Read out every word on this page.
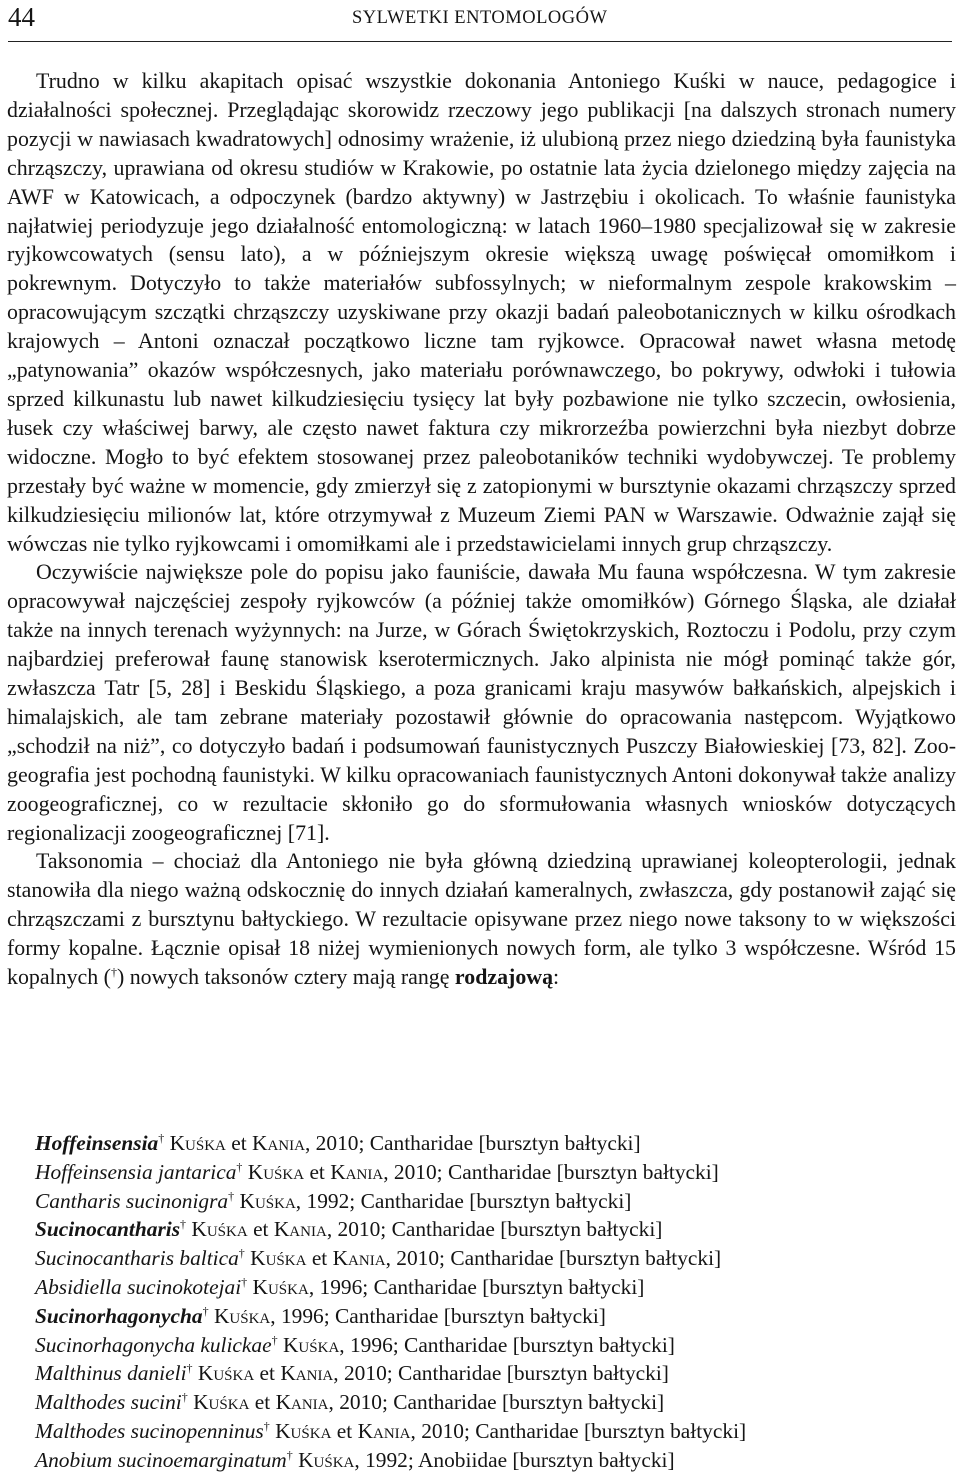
44	SYLWETKI ENTOMOLOGÓW

Trudno w kilku akapitach opisać wszystkie dokonania Antoniego Kuśki w nauce, pedagogice i działalności społecznej. Przeglądając skorowidz rzeczowy jego publikacji [na dalszych stronach numery pozycji w nawiasach kwadratowych] odnosimy wrażenie, iż ulubioną przez niego dziedziną była faunistyka chrząszczy, uprawiana od okresu studiów w Krakowie, po ostatnie lata życia dzielonego między zajęcia na AWF w Katowicach, a odpoczynek (bardzo aktywny) w Jastrzębiu i okolicach. To właśnie faunistyka najłatwiej periodyzuje jego działalność entomologiczną: w latach 1960–1980 specjalizował się w zakresie ryjkowcowatych (sensu lato), a w późniejszym okresie większą uwagę poświęcał omomiłkom i pokrewnym. Dotyczyło to także materiałów subfossylnych; w nieformalnym zespole krakowskim – opracowującym szczątki chrząszczy uzyskiwane przy okazji badań paleobotanicznych w kilku ośrodkach krajowych – Antoni oznaczał początkowo liczne tam ryjkowce. Opracował nawet własna metodę „patynowania” okazów współczesnych, jako materiału porównawczego, bo pokrywy, odwłoki i tułowia sprzed kilkunastu lub nawet kilkudziesięciu tysięcy lat były pozbawione nie tylko szczecin, owłosienia, łusek czy właściwej barwy, ale często nawet faktura czy mikrorzeźba powierzchni była niezbyt dobrze widoczne. Mogło to być efektem stosowanej przez paleobotaników techniki wydobywczej. Te problemy przestały być ważne w momencie, gdy zmierzył się z zatopionymi w bursztynie okazami chrząszczy sprzed kilkudziesięciu milionów lat, które otrzymywał z Muzeum Ziemi PAN w Warszawie. Odważnie zajął się wówczas nie tylko ryjkowcami i omomiłkami ale i przedstawicielami innych grup chrząszczy.

Oczywiście największe pole do popisu jako fauniście, dawała Mu fauna współczesna. W tym zakresie opracowywał najczęściej zespoły ryjkowców (a później także omomiłków) Górnego Śląska, ale działał także na innych terenach wyżynnych: na Jurze, w Górach Świętokrzyskich, Roztoczu i Podolu, przy czym najbardziej preferował faunę stanowisk kserotermicznych. Jako alpinista nie mógł pominąć także gór, zwłaszcza Tatr [5, 28] i Beskidu Śląskiego, a poza granicami kraju masywów bałkańskich, alpejskich i himalajskich, ale tam zebrane materiały pozostawił głównie do opracowania następcom. Wyjątkowo „schodził na niż”, co dotyczyło badań i podsumowań faunistycznych Puszczy Białowieskiej [73, 82]. Zoogeografia jest pochodną faunistyki. W kilku opracowaniach faunistycznych Antoni dokonywał także analizy zoogeograficznej, co w rezultacie skłoniło go do sformułowania własnych wniosków dotyczących regionalizacji zoogeograficznej [71].

Taksonomia – chociaż dla Antoniego nie była główną dziedziną uprawianej koleopterologii, jednak stanowiła dla niego ważną odskocznię do innych działań kameralnych, zwłaszcza, gdy postanowił zająć się chrząszczami z bursztynu bałtyckiego. W rezultacie opisywane przez niego nowe taksony to w większości formy kopalne. Łącznie opisał 18 niżej wymienionych nowych form, ale tylko 3 współczesne. Wśród 15 kopalnych (†) nowych taksonów cztery mają rangę rodzajową:

Hoffeinsensia† Kuśka et Kania, 2010; Cantharidae [bursztyn bałtycki]
Hoffeinsensia jantarica† Kuśka et Kania, 2010; Cantharidae [bursztyn bałtycki]
Cantharis sucinonigra† Kuśka, 1992; Cantharidae [bursztyn bałtycki]
Sucinocantharis† Kuśka et Kania, 2010; Cantharidae [bursztyn bałtycki]
Sucinocantharis baltica† Kuśka et Kania, 2010; Cantharidae [bursztyn bałtycki]
Absidiella sucinokotejai† Kuśka, 1996; Cantharidae [bursztyn bałtycki]
Sucinorhagonycha† Kuśka, 1996; Cantharidae [bursztyn bałtycki]
Sucinorhagonycha kulickae† Kuśka, 1996; Cantharidae [bursztyn bałtycki]
Malthinus danieli† Kuśka et Kania, 2010; Cantharidae [bursztyn bałtycki]
Malthodes sucini† Kuśka et Kania, 2010; Cantharidae [bursztyn bałtycki]
Malthodes sucinopenninus† Kuśka et Kania, 2010; Cantharidae [bursztyn bałtycki]
Anobium sucinoemarginatum† Kuśka, 1992; Anobiidae [bursztyn bałtycki]
